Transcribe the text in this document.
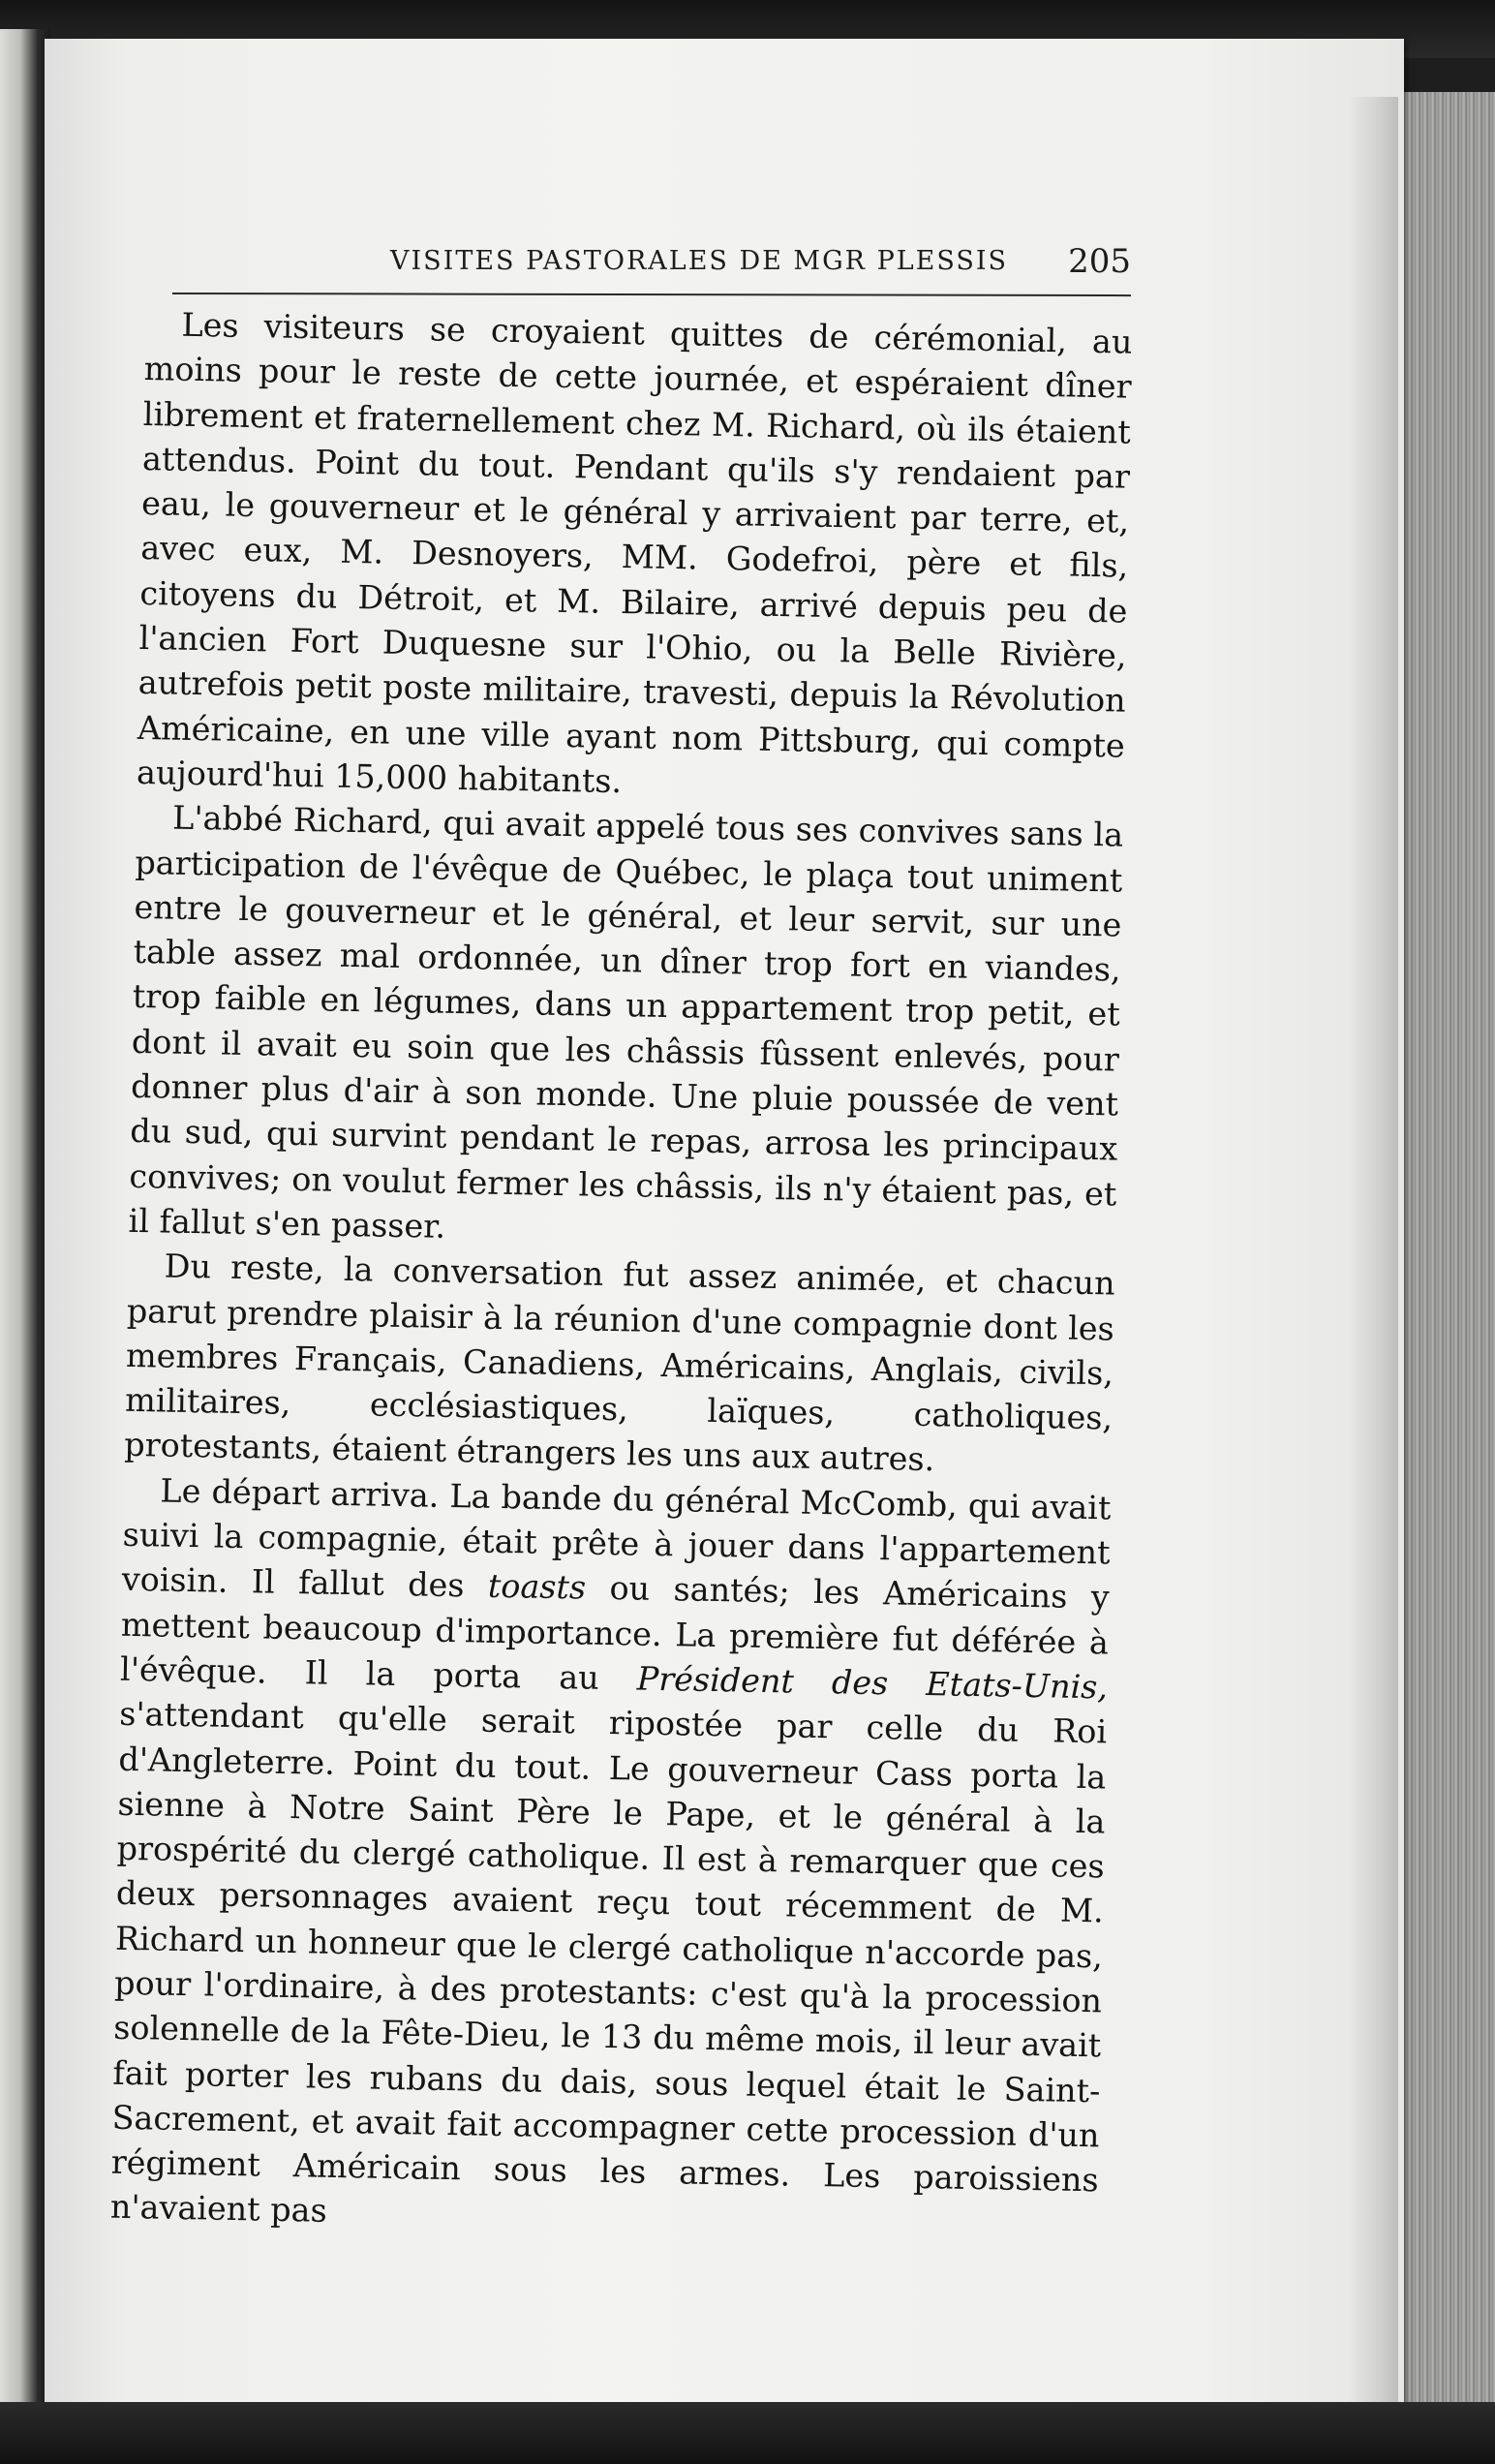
VISITES PASTORALES DE MGR PLESSIS 205

Les visiteurs se croyaient quittes de cérémonial, au moins pour le reste de cette journée, et espéraient dîner librement et fraternellement chez M. Richard, où ils étaient attendus. Point du tout. Pendant qu'ils s'y rendaient par eau, le gouverneur et le général y arrivaient par terre, et, avec eux, M. Desnoyers, MM. Godefroi, père et fils, citoyens du Détroit, et M. Bilaire, arrivé depuis peu de l'ancien Fort Duquesne sur l'Ohio, ou la Belle Rivière, autrefois petit poste militaire, travesti, depuis la Révolution Américaine, en une ville ayant nom Pittsburg, qui compte aujourd'hui 15,000 habitants.

L'abbé Richard, qui avait appelé tous ses convives sans la participation de l'évêque de Québec, le plaça tout uniment entre le gouverneur et le général, et leur servit, sur une table assez mal ordonnée, un dîner trop fort en viandes, trop faible en légumes, dans un appartement trop petit, et dont il avait eu soin que les châssis fûssent enlevés, pour donner plus d'air à son monde. Une pluie poussée de vent du sud, qui survint pendant le repas, arrosa les principaux convives; on voulut fermer les châssis, ils n'y étaient pas, et il fallut s'en passer.

Du reste, la conversation fut assez animée, et chacun parut prendre plaisir à la réunion d'une compagnie dont les membres Français, Canadiens, Américains, Anglais, civils, militaires, ecclésiastiques, laïques, catholiques, protestants, étaient étrangers les uns aux autres.

Le départ arriva. La bande du général McComb, qui avait suivi la compagnie, était prête à jouer dans l'appartement voisin. Il fallut des toasts ou santés; les Américains y mettent beaucoup d'importance. La première fut déférée à l'évêque. Il la porta au Président des Etats-Unis, s'attendant qu'elle serait ripostée par celle du Roi d'Angleterre. Point du tout. Le gouverneur Cass porta la sienne à Notre Saint Père le Pape, et le général à la prospérité du clergé catholique. Il est à remarquer que ces deux personnages avaient reçu tout récemment de M. Richard un honneur que le clergé catholique n'accorde pas, pour l'ordinaire, à des protestants: c'est qu'à la procession solennelle de la Fête-Dieu, le 13 du même mois, il leur avait fait porter les rubans du dais, sous lequel était le Saint-Sacrement, et avait fait accompagner cette procession d'un régiment Américain sous les armes. Les paroissiens n'avaient pas
